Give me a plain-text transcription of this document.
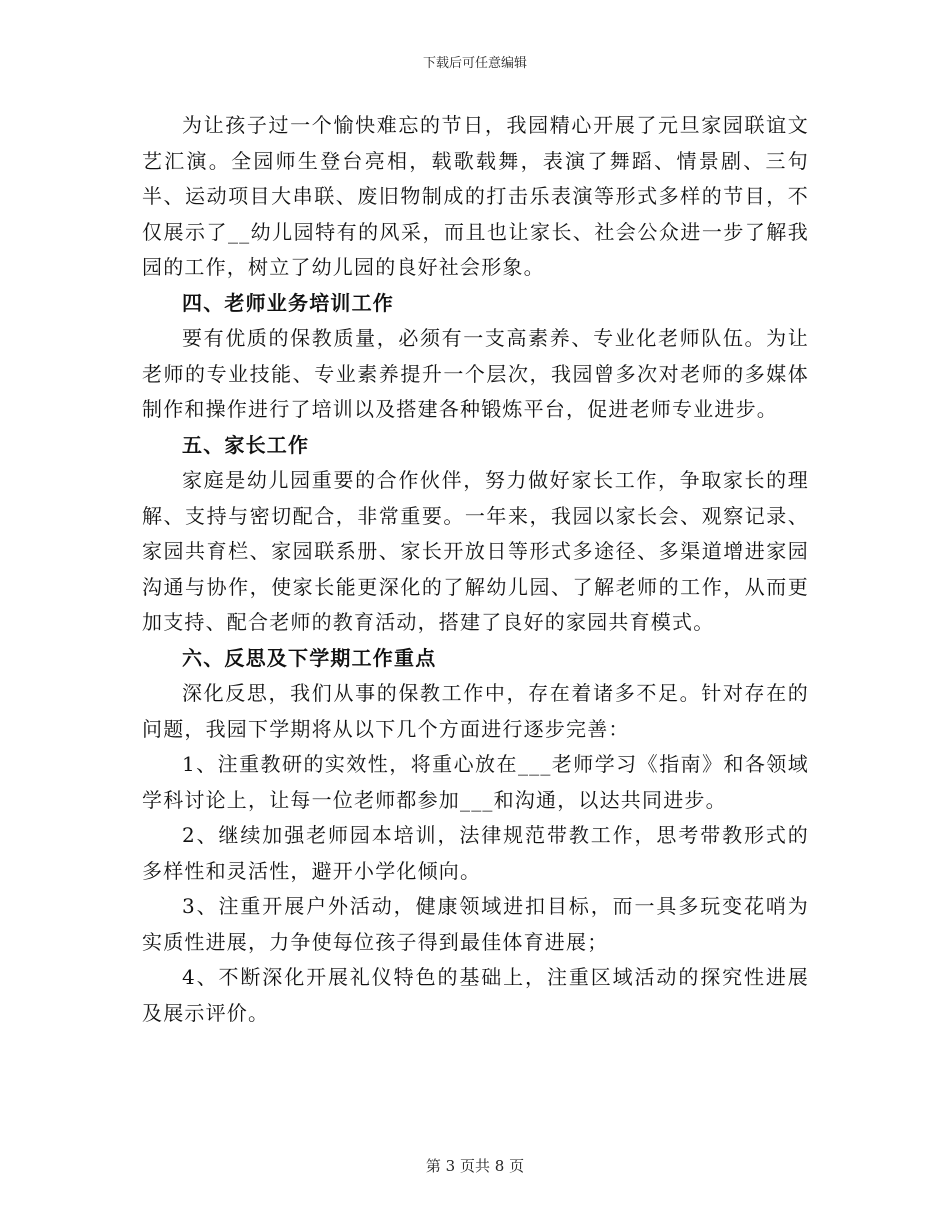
下载后可任意编辑

为让孩子过一个愉快难忘的节日，我园精心开展了元旦家园联谊文艺汇演。全园师生登台亮相，载歌载舞，表演了舞蹈、情景剧、三句半、运动项目大串联、废旧物制成的打击乐表演等形式多样的节目，不仅展示了__幼儿园特有的风采，而且也让家长、社会公众进一步了解我园的工作，树立了幼儿园的良好社会形象。

四、老师业务培训工作

要有优质的保教质量，必须有一支高素养、专业化老师队伍。为让老师的专业技能、专业素养提升一个层次，我园曾多次对老师的多媒体制作和操作进行了培训以及搭建各种锻炼平台，促进老师专业进步。

五、家长工作

家庭是幼儿园重要的合作伙伴，努力做好家长工作，争取家长的理解、支持与密切配合，非常重要。一年来，我园以家长会、观察记录、家园共育栏、家园联系册、家长开放日等形式多途径、多渠道增进家园沟通与协作，使家长能更深化的了解幼儿园、了解老师的工作，从而更加支持、配合老师的教育活动，搭建了良好的家园共育模式。

六、反思及下学期工作重点

深化反思，我们从事的保教工作中，存在着诸多不足。针对存在的问题，我园下学期将从以下几个方面进行逐步完善：

1、注重教研的实效性，将重心放在___老师学习《指南》和各领域学科讨论上，让每一位老师都参加___和沟通，以达共同进步。

2、继续加强老师园本培训，法律规范带教工作，思考带教形式的多样性和灵活性，避开小学化倾向。

3、注重开展户外活动，健康领域进扣目标，而一具多玩变花哨为实质性进展，力争使每位孩子得到最佳体育进展；

4、不断深化开展礼仪特色的基础上，注重区域活动的探究性进展及展示评价。

第 3 页共 8 页
